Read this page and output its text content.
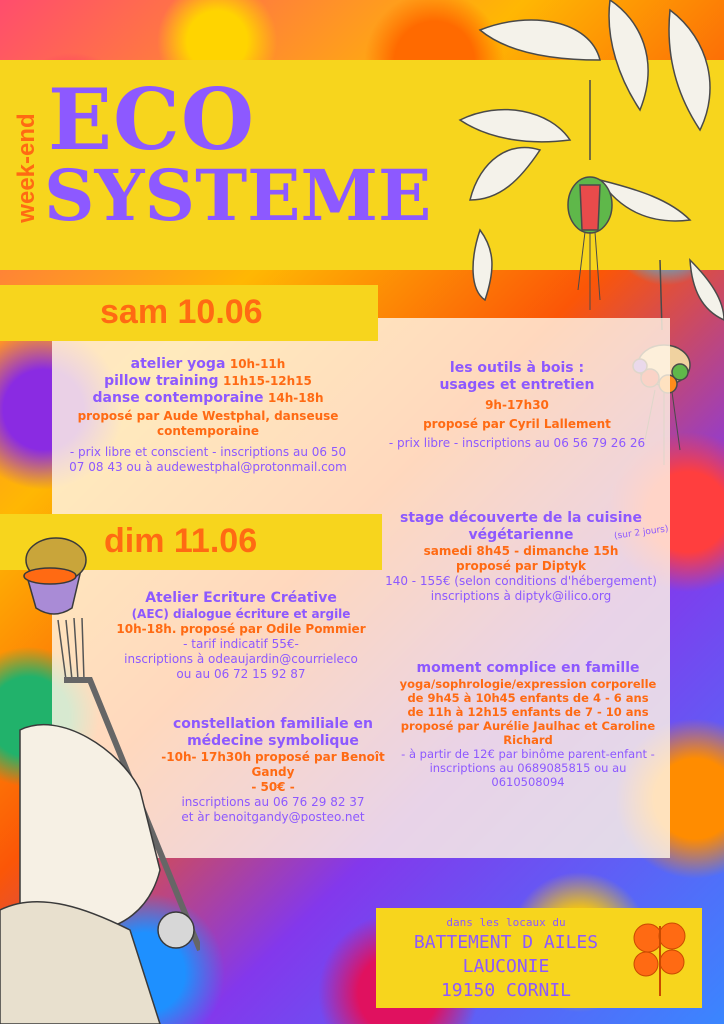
week-end ECO
SYSTEME
sam 10.06
atelier yoga 10h-11h
pillow training 11h15-12h15
danse contemporaine 14h-18h
proposé par Aude Westphal, danseuse contemporaine
- prix libre et conscient - inscriptions au 06 50 07 08 43 ou à audewestphal@protonmail.com
les outils à bois :
usages et entretien
9h-17h30
proposé par Cyril Lallement
- prix libre - inscriptions au 06 56 79 26 26
dim 11.06
Atelier Ecriture Créative
(AEC) dialogue écriture et argile
10h-18h. proposé par Odile Pommier
- tarif indicatif 55€-
inscriptions à odeaujardin@courrieleco
ou au 06 72 15 92 87
constellation familiale en
médecine symbolique
-10h- 17h30h proposé par Benoît Gandy
- 50€ -
inscriptions au 06 76 29 82 37
et àr benoitgandy@posteo.net
stage découverte de la cuisine
végétarienne
samedi 8h45 - dimanche 15h
proposé par Diptyk
140 - 155€ (selon conditions d'hébergement)
inscriptions à diptyk@ilico.org
(sur 2 jours)
moment complice en famille
yoga/sophrologie/expression corporelle
de 9h45 à 10h45 enfants de 4 - 6 ans
de 11h à 12h15 enfants de 7 - 10 ans
proposé par Aurélie Jaulhac et Caroline
Richard
- à partir de 12€ par binôme parent-enfant -
inscriptions au 0689085815 ou au
0610508094
dans les locaux du
BATTEMENT D AILES
LAUCONIE
19150 CORNIL
